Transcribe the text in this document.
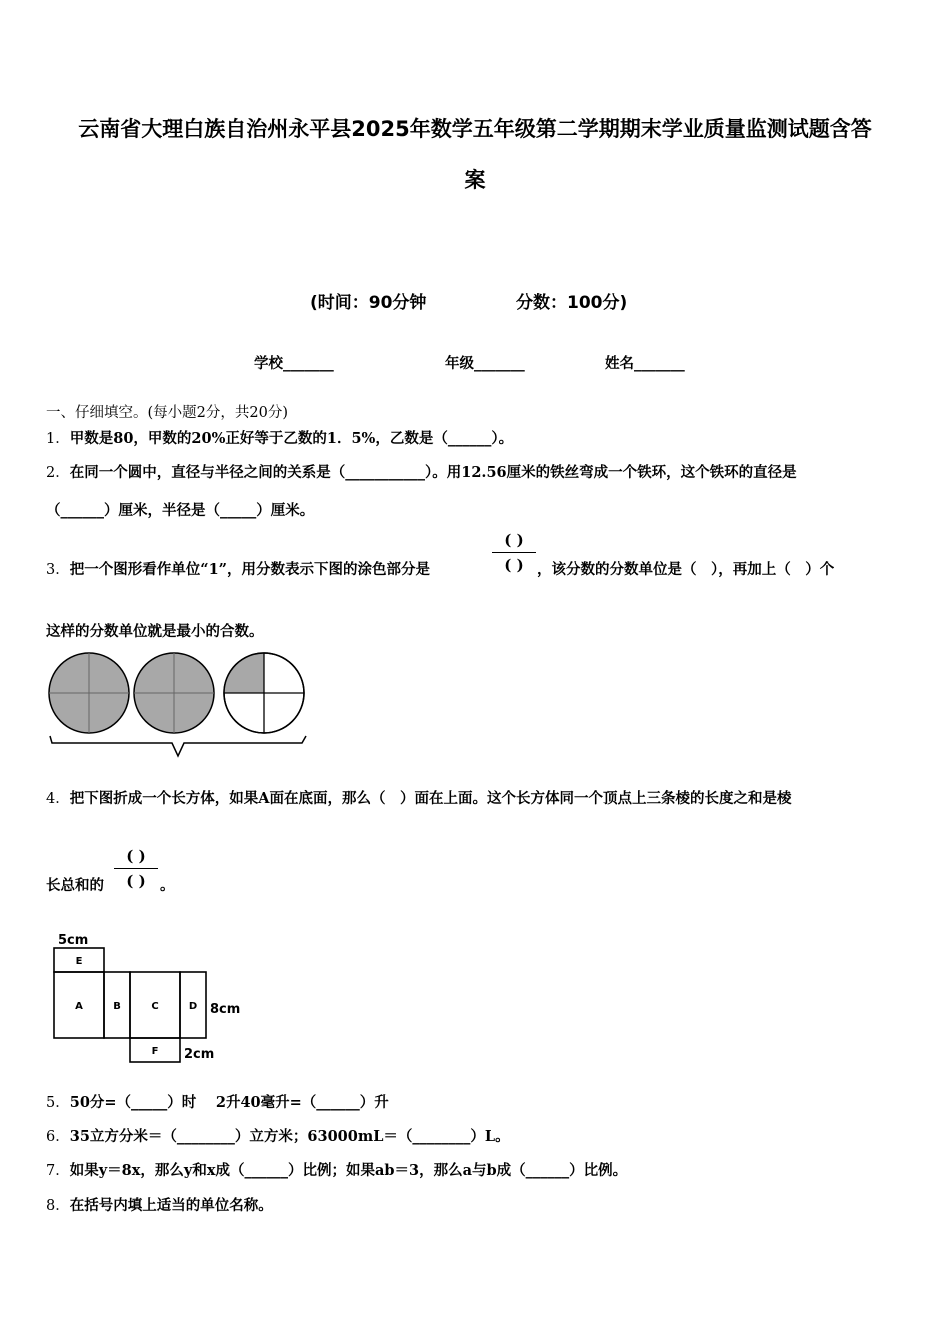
云南省大理白族自治州永平县2025年数学五年级第二学期期末学业质量监测试题含答
案
(时间：90分钟	分数：100分)
学校_______	年级_______	姓名_______
一、仔细填空。(每小题2分，共20分)
1．甲数是80，甲数的20%正好等于乙数的1．5%，乙数是（______）。
2．在同一个圆中，直径与半径之间的关系是（___________）。用12.56厘米的铁丝弯成一个铁环，这个铁环的直径是
（______）厘米，半径是（_____）厘米。
3．把一个图形看作单位“1”，用分数表示下图的涂色部分是
( )
( ) ，该分数的分数单位是（　），再加上（　）个
这样的分数单位就是最小的合数。
4．把下图折成一个长方体，如果A面在底面，那么（　）面在上面。这个长方体同一个顶点上三条棱的长度之和是棱
长总和的
( )
( ) 。
E
A	B	C	D
F
5cm
8cm
2cm
5．50分=（_____）时　 2升40毫升=（______）升
6．35立方分米＝（________）立方米；63000mL＝（________）L。
7．如果y＝8x，那么y和x成（______）比例；如果ab＝3，那么a与b成（______）比例。
8．在括号内填上适当的单位名称。
